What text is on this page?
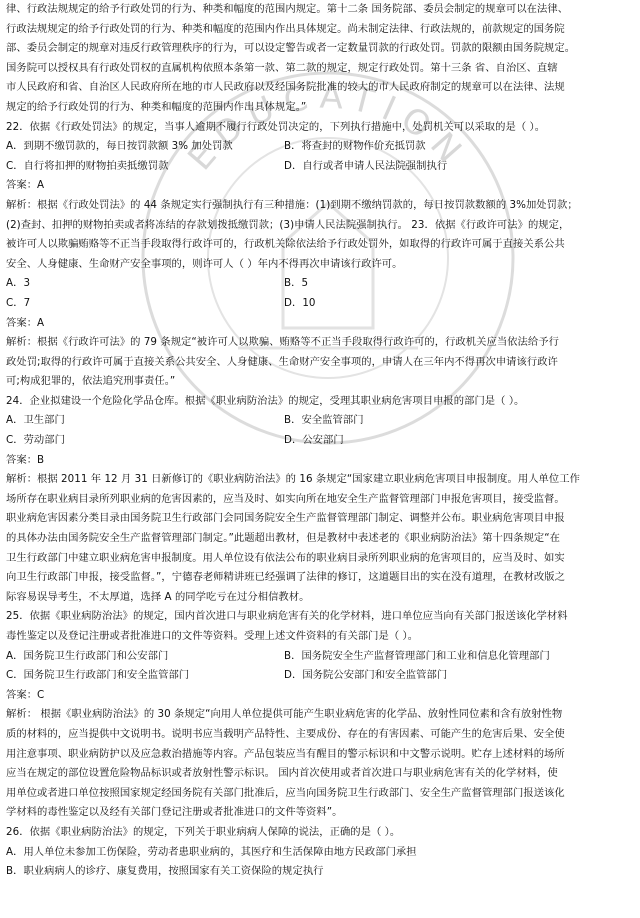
EDUCATION
律、行政法规规定的给予行政处罚的行为、种类和幅度的范围内规定。第十二条 国务院部、委员会制定的规章可以在法律、
行政法规规定的给予行政处罚的行为、种类和幅度的范围内作出具体规定。尚未制定法律、行政法规的，前款规定的国务院
部、委员会制定的规章对违反行政管理秩序的行为，可以设定警告或者一定数量罚款的行政处罚。罚款的限额由国务院规定。
国务院可以授权具有行政处罚权的直属机构依照本条第一款、第二款的规定，规定行政处罚。第十三条 省、自治区、直辖
市人民政府和省、自治区人民政府所在地的市人民政府以及经国务院批准的较大的市人民政府制定的规章可以在法律、法规
规定的给予行政处罚的行为、种类和幅度的范围内作出具体规定。”
22．依据《行政处罚法》的规定，当事人逾期不履行行政处罚决定的，下列执行措施中，处罚机关可以采取的是（ ）。
A．到期不缴罚款的，每日按罚款额 3% 加处罚款	B．将查封的财物作价充抵罚款
C．自行将扣押的财物拍卖抵缴罚款	D．自行或者申请人民法院强制执行
答案：A
解析：根据《行政处罚法》的 44 条规定实行强制执行有三种措施：(1)到期不缴纳罚款的，每日按罚款数额的 3%加处罚款；
(2)查封、扣押的财物拍卖或者将冻结的存款划拨抵缴罚款；(3)申请人民法院强制执行。 23．依据《行政许可法》的规定，
被许可人以欺骗贿赂等不正当手段取得行政许可的，行政机关除依法给予行政处罚外，如取得的行政许可属于直接关系公共
安全、人身健康、生命财产安全事项的，则许可人（ ）年内不得再次申请该行政许可。
A．3	B．5
C．7	D．10
答案：A
解析：根据《行政许可法》的 79 条规定“被许可人以欺骗、贿赂等不正当手段取得行政许可的，行政机关应当依法给予行
政处罚;取得的行政许可属于直接关系公共安全、人身健康、生命财产安全事项的，申请人在三年内不得再次申请该行政许
可;构成犯罪的，依法追究刑事责任。”
24．企业拟建设一个危险化学品仓库。根据《职业病防治法》的规定，受理其职业病危害项目申报的部门是（ ）。
A．卫生部门	B．安全监管部门
C．劳动部门	D．公安部门
答案：B
解析：根据 2011 年 12 月 31 日新修订的《职业病防治法》的 16 条规定“国家建立职业病危害项目申报制度。用人单位工作
场所存在职业病目录所列职业病的危害因素的，应当及时、如实向所在地安全生产监督管理部门申报危害项目，接受监督。
职业病危害因素分类目录由国务院卫生行政部门会同国务院安全生产监督管理部门制定、调整并公布。职业病危害项目申报
的具体办法由国务院安全生产监督管理部门制定。”此题超出教材，但是教材中表述老的《职业病防治法》第十四条规定“在
卫生行政部门中建立职业病危害申报制度。用人单位设有依法公布的职业病目录所列职业病的危害项目的，应当及时、如实
向卫生行政部门申报，接受监督。”，宁德春老师精讲班已经强调了法律的修订，这道题目出的实在没有道理，在教材改版之
际容易误导考生，不太厚道，选择 A 的同学吃亏在过分相信教材。
25．依据《职业病防治法》的规定，国内首次进口与职业病危害有关的化学材料，进口单位应当向有关部门报送该化学材料
毒性鉴定以及登记注册或者批准进口的文件等资料。受理上述文件资料的有关部门是（ ）。
A．国务院卫生行政部门和公安部门	B．国务院安全生产监督管理部门和工业和信息化管理部门
C．国务院卫生行政部门和安全监管部门	D．国务院公安部门和安全监管部门
答案：C
解析： 根据《职业病防治法》的 30 条规定“向用人单位提供可能产生职业病危害的化学品、放射性同位素和含有放射性物
质的材料的，应当提供中文说明书。说明书应当载明产品特性、主要成份、存在的有害因素、可能产生的危害后果、安全使
用注意事项、职业病防护以及应急救治措施等内容。产品包装应当有醒目的警示标识和中文警示说明。贮存上述材料的场所
应当在规定的部位设置危险物品标识或者放射性警示标识。 国内首次使用或者首次进口与职业病危害有关的化学材料，使
用单位或者进口单位按照国家规定经国务院有关部门批准后，应当向国务院卫生行政部门、安全生产监督管理部门报送该化
学材料的毒性鉴定以及经有关部门登记注册或者批准进口的文件等资料”。
26．依据《职业病防治法》的规定，下列关于职业病病人保障的说法，正确的是（ ）。
A．用人单位未参加工伤保险，劳动者患职业病的，其医疗和生活保障由地方民政部门承担
B．职业病病人的诊疗、康复费用，按照国家有关工资保险的规定执行
